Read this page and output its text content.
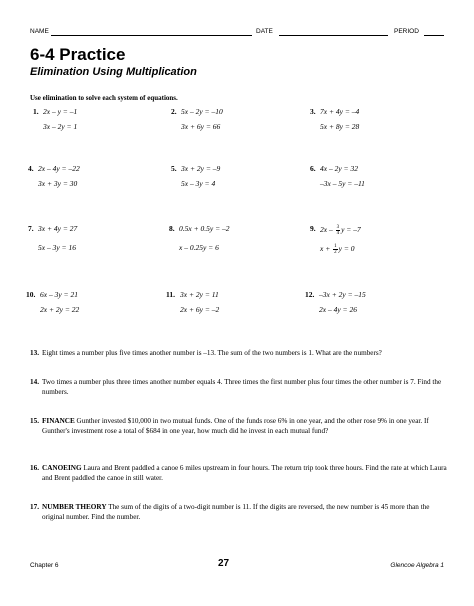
NAME	DATE	PERIOD
6-4 Practice
Elimination Using Multiplication
Use elimination to solve each system of equations.
1. 2x – y = –1
3x – 2y = 1
2. 5x – 2y = –10
3x + 6y = 66
3. 7x + 4y = –4
5x + 8y = 28
4. 2x – 4y = –22
3x + 3y = 30
5. 3x + 2y = –9
5x – 3y = 4
6. 4x – 2y = 32
–3x – 5y = –11
7. 3x + 4y = 27
5x – 3y = 16
8. 0.5x + 0.5y = –2
x – 0.25y = 6
9. $2x - \frac{3}{4}$ y = –7
$x + \frac{1}{2}$ y = 0
10. 6x – 3y = 21
2x + 2y = 22
11. 3x + 2y = 11
2x + 6y = –2
12. –3x + 2y = –15
2x – 4y = 26
13. Eight times a number plus five times another number is –13. The sum of the two numbers is 1. What are the numbers?
14. Two times a number plus three times another number equals 4. Three times the first number plus four times the other number is 7. Find the numbers.
15. FINANCE Gunther invested $10,000 in two mutual funds. One of the funds rose 6% in one year, and the other rose 9% in one year. If Gunther's investment rose a total of $684 in one year, how much did he invest in each mutual fund?
16. CANOEING Laura and Brent paddled a canoe 6 miles upstream in four hours. The return trip took three hours. Find the rate at which Laura and Brent paddled the canoe in still water.
17. NUMBER THEORY The sum of the digits of a two-digit number is 11. If the digits are reversed, the new number is 45 more than the original number. Find the number.
Chapter 6	27	Glencoe Algebra 1
